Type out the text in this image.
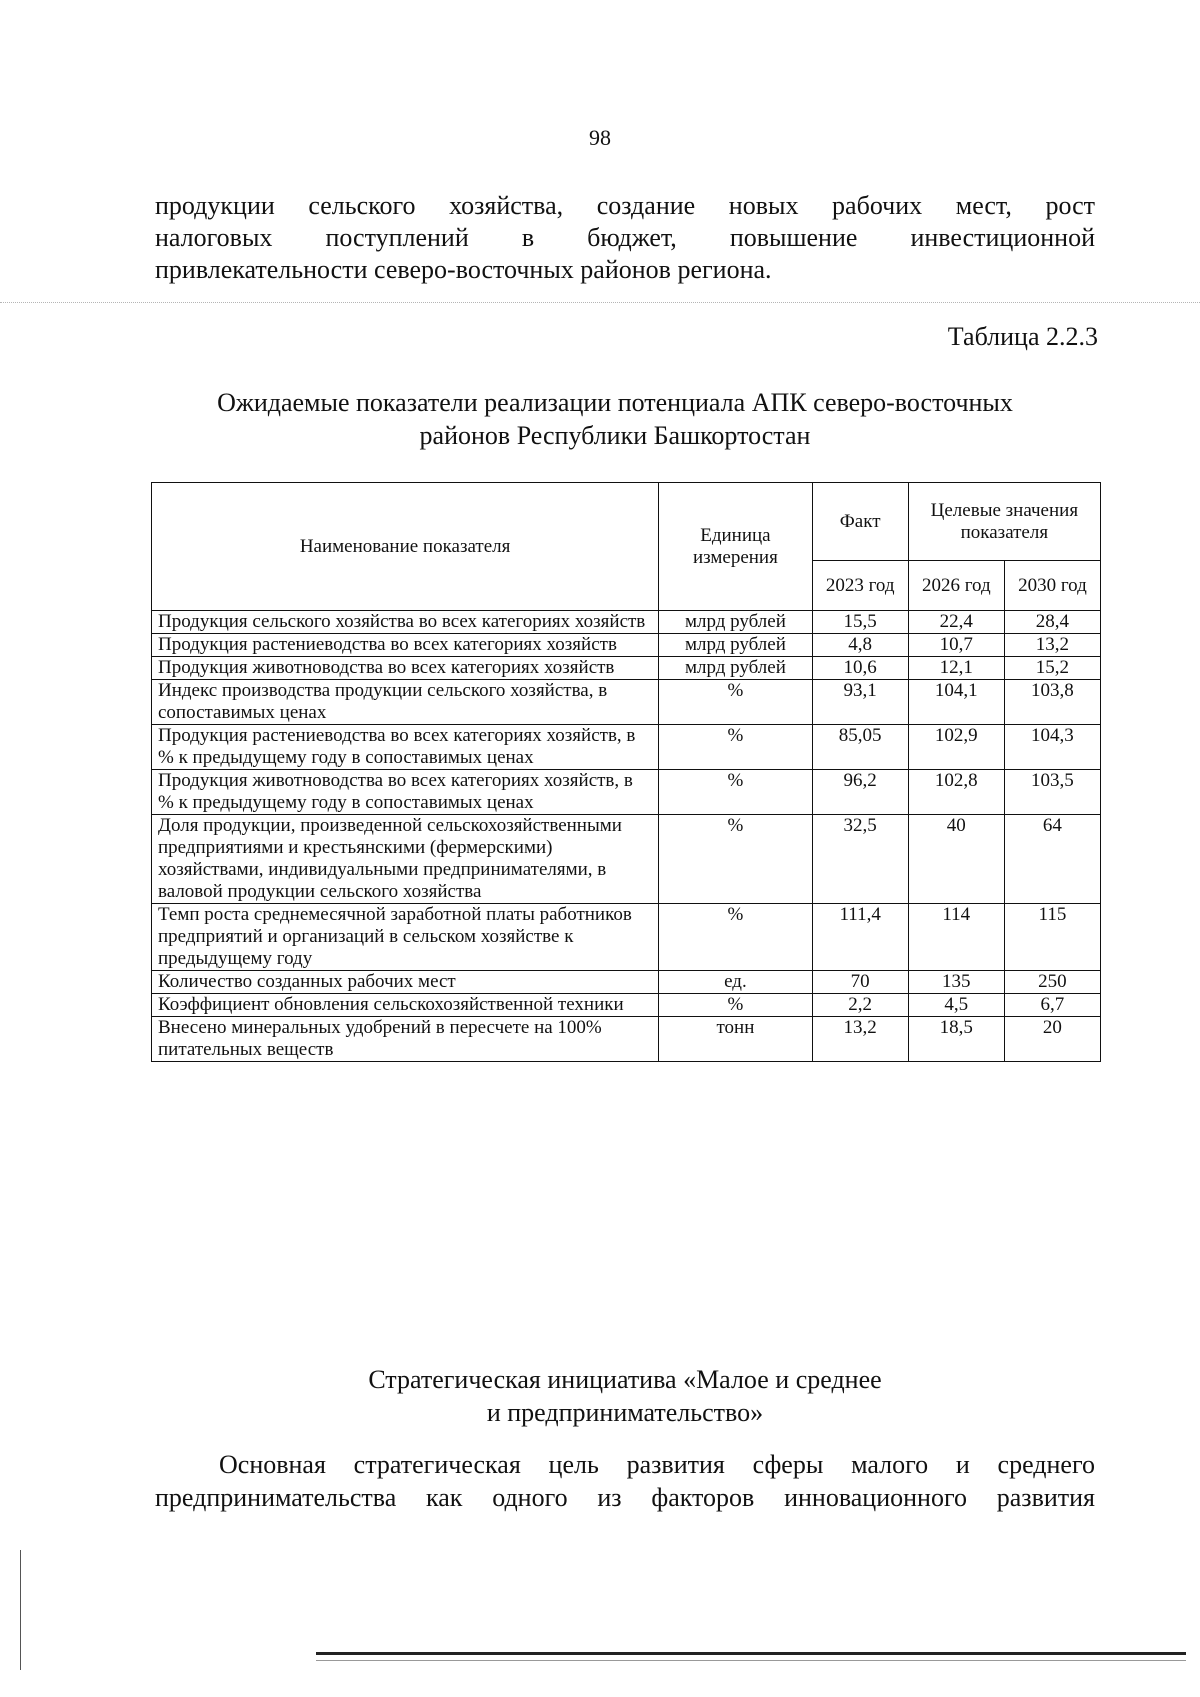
98
продукции сельского хозяйства, создание новых рабочих мест, рост
налоговых поступлений в бюджет, повышение инвестиционной
привлекательности северо-восточных районов региона.
Таблица 2.2.3
Ожидаемые показатели реализации потенциала АПК северо-восточных
районов Республики Башкортостан
Наименование показателя	Единица измерения	Факт	Целевые значения показателя	
		2023 год	2026 год	2030 год
Продукция сельского хозяйства во всех категориях хозяйств	млрд рублей	15,5	22,4	28,4
Продукция растениеводства во всех категориях хозяйств	млрд рублей	4,8	10,7	13,2
Продукция животноводства во всех категориях хозяйств	млрд рублей	10,6	12,1	15,2
Индекс производства продукции сельского хозяйства, в сопоставимых ценах	%	93,1	104,1	103,8
Продукция растениеводства во всех категориях хозяйств, в % к предыдущему году в сопоставимых ценах	%	85,05	102,9	104,3
Продукция животноводства во всех категориях хозяйств, в % к предыдущему году в сопоставимых ценах	%	96,2	102,8	103,5
Доля продукции, произведенной сельскохозяйственными предприятиями и крестьянскими (фермерскими) хозяйствами, индивидуальными предпринимателями, в валовой продукции сельского хозяйства	%	32,5	40	64
Темп роста среднемесячной заработной платы работников предприятий и организаций в сельском хозяйстве к предыдущему году	%	111,4	114	115
Количество созданных рабочих мест	ед.	70	135	250
Коэффициент обновления сельскохозяйственной техники	%	2,2	4,5	6,7
Внесено минеральных удобрений в пересчете на 100% питательных веществ	тонн	13,2	18,5	20
Стратегическая инициатива «Малое и среднее
и предпринимательство»
Основная стратегическая цель развития сферы малого и среднего
предпринимательства как одного из факторов инновационного развития
